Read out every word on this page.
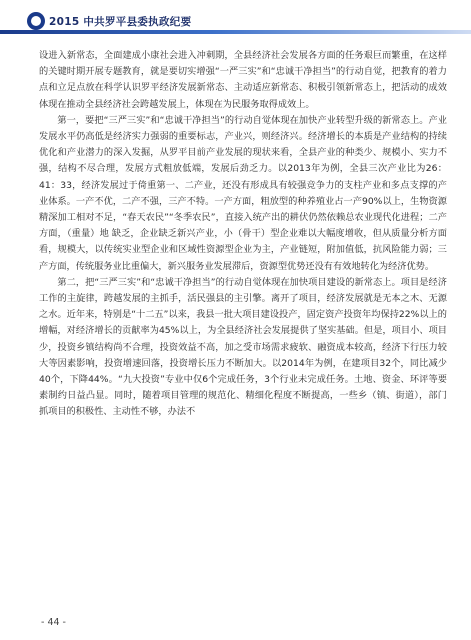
2015 中共罗平县委执政纪要

设进入新常态，全面建成小康社会进入冲刺期，全县经济社会发展各方面的任务艰巨而繁重，在这样的关键时期开展专题教育，就是要切实增强“一严三实”和“忠诚干净担当”的行动自觉，把教育的着力点和立足点放在科学认识罗平经济发展新常态、主动适应新常态、积极引领新常态上，把活动的成效体现在推动全县经济社会跨越发展上，体现在为民服务取得成效上。

第一，要把“三严三实”和“忠诚干净担当”的行动自觉体现在加快产业转型升级的新常态上。产业发展水平仍高低是经济实力强弱的重要标志，产业兴，则经济兴。经济增长的本质是产业结构的持续优化和产业潜力的深入发掘，从罗平目前产业发展的现状来看，全县产业的种类少、规模小、实力不强，结构不尽合理，发展方式粗放低端，发展后劲乏力。以2013年为例，全县三次产业比为26：41：33，经济发展过于倚重第一、二产业，还没有形成具有较强竞争力的支柱产业和多点支撑的产业体系。一产不优，二产不强，三产不特。一产方面，粗放型的种养殖业占一产90%以上，生物资源精深加工相对不足，“春天农民”“冬季农民”，直接入统产出的耕伏仍然依赖总农业现代化进程；二产方面，（重量）地 缺乏，企业缺乏新兴产业，小（骨干）型企业难以大幅度增收，但从质量分析方面看，规模大，以传统实业型企业和区域性资源型企业为主，产业链短，附加值低，抗风险能力弱；三产方面，传统服务业比重偏大，新兴服务业发展滞后，资源型优势还没有有效地转化为经济优势。

第二，把“三严三实”和“忠诚干净担当”的行动自觉体现在加快项目建设的新常态上。项目是经济工作的主旋律，跨越发展的主抓手，活民强县的主引擎。离开了项目，经济发展就是无本之木、无源之水。近年来，特别是“十二五”以来，我县一批大项目建设投产，固定资产投资年均保持22%以上的增幅，对经济增长的贡献率为45%以上，为全县经济社会发展提供了坚实基础。但是，项目小、项目少，投资乡镇结构尚不合理，投资效益不高，加之受市场需求疲软、融资成本较高，经济下行压力较大等因素影响，投资增速回落，投资增长压力不断加大。以2014年为例，在建项目32个，同比减少40个，下降44%。“九大投资”专业中仅6个完成任务，3个行业未完成任务。土地、资金、环评等要素制约日益凸显。同时，随着项目管理的规范化、精细化程度不断提高，一些乡（镇、街道），部门抓项目的积极性、主动性不够，办法不

- 44 -
